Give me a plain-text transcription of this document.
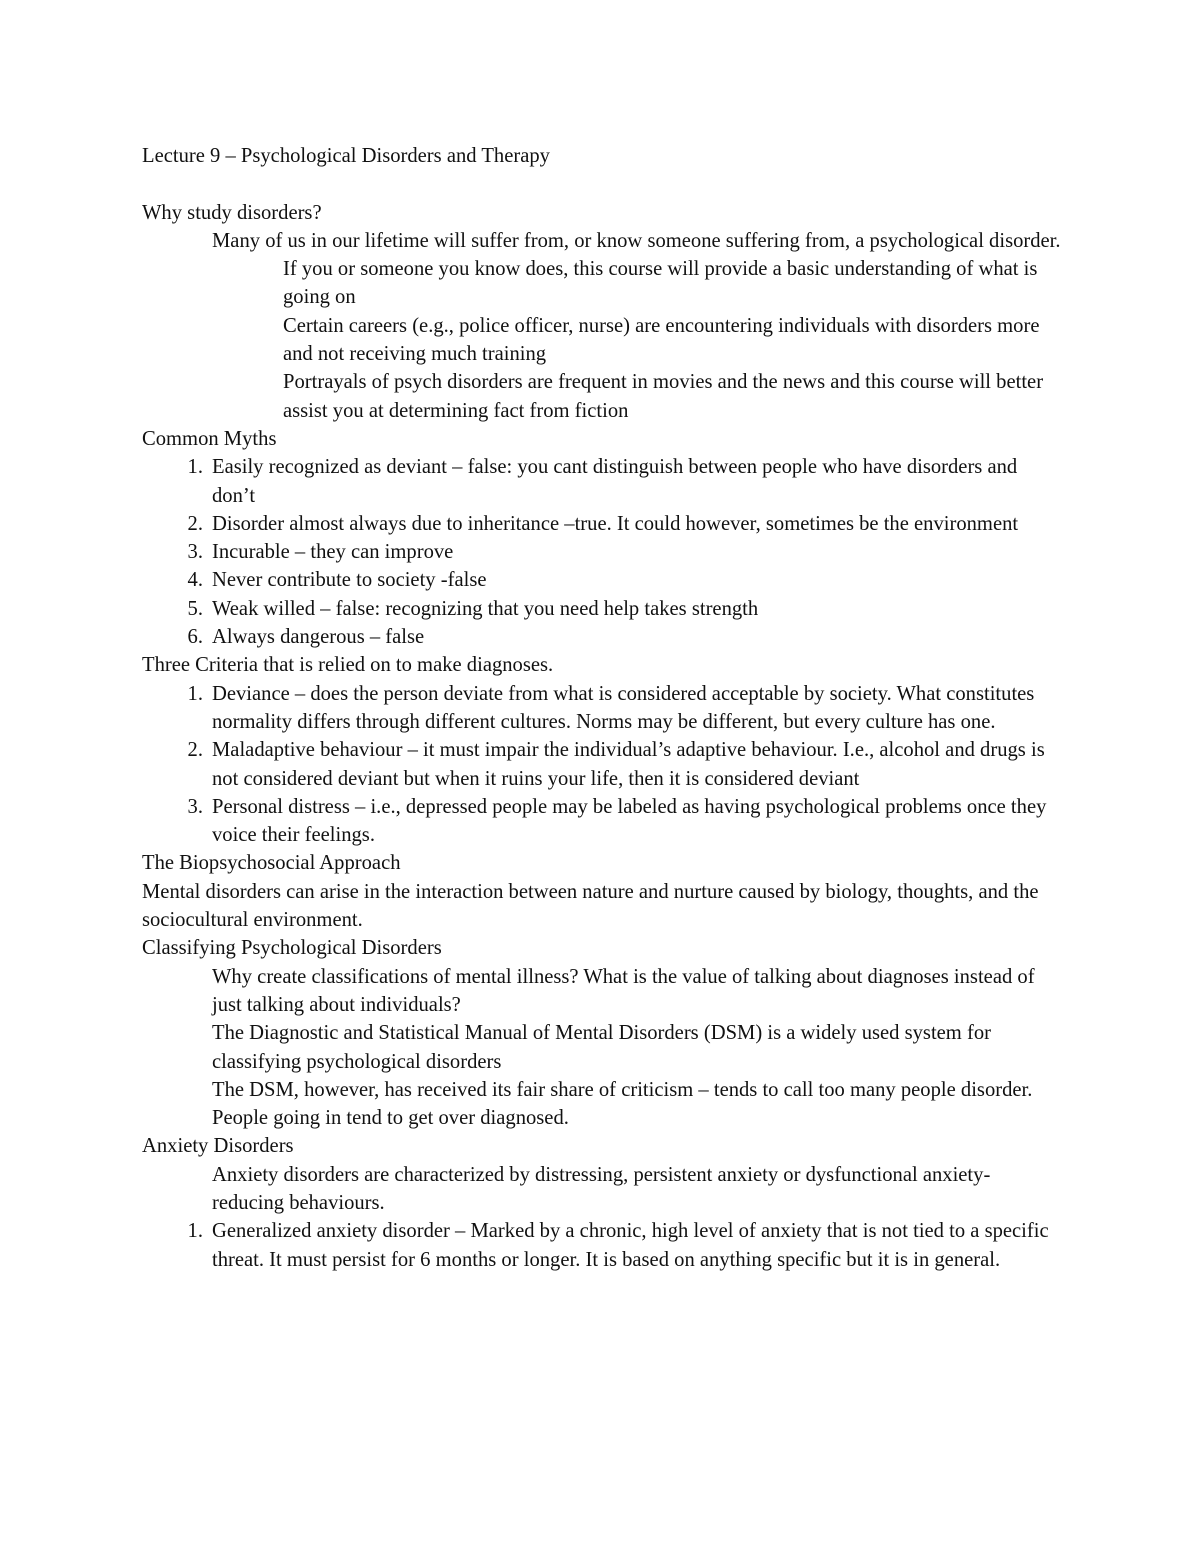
Lecture 9 – Psychological Disorders and Therapy

Why study disorders?

Many of us in our lifetime will suffer from, or know someone suffering from, a psychological disorder.
If you or someone you know does, this course will provide a basic understanding of what is going on
Certain careers (e.g., police officer, nurse) are encountering individuals with disorders more and not receiving much training
Portrayals of psych disorders are frequent in movies and the news and this course will better assist you at determining fact from fiction

Common Myths

1. Easily recognized as deviant – false: you cant distinguish between people who have disorders and don’t
2. Disorder almost always due to inheritance –true. It could however, sometimes be the environment
3. Incurable – they can improve
4. Never contribute to society -false
5. Weak willed – false: recognizing that you need help takes strength
6. Always dangerous – false

Three Criteria that is relied on to make diagnoses.

1. Deviance – does the person deviate from what is considered acceptable by society. What constitutes normality differs through different cultures. Norms may be different, but every culture has one.
2. Maladaptive behaviour – it must impair the individual’s adaptive behaviour. I.e., alcohol and drugs is not considered deviant but when it ruins your life, then it is considered deviant
3. Personal distress – i.e., depressed people may be labeled as having psychological problems once they voice their feelings.

The Biopsychosocial Approach

Mental disorders can arise in the interaction between nature and nurture caused by biology, thoughts, and the sociocultural environment.

Classifying Psychological Disorders

Why create classifications of mental illness? What is the value of talking about diagnoses instead of just talking about individuals?
The Diagnostic and Statistical Manual of Mental Disorders (DSM) is a widely used system for classifying psychological disorders
The DSM, however, has received its fair share of criticism – tends to call too many people disorder. People going in tend to get over diagnosed.

Anxiety Disorders

Anxiety disorders are characterized by distressing, persistent anxiety or dysfunctional anxiety-reducing behaviours.
1. Generalized anxiety disorder – Marked by a chronic, high level of anxiety that is not tied to a specific threat. It must persist for 6 months or longer. It is based on anything specific but it is in general.
